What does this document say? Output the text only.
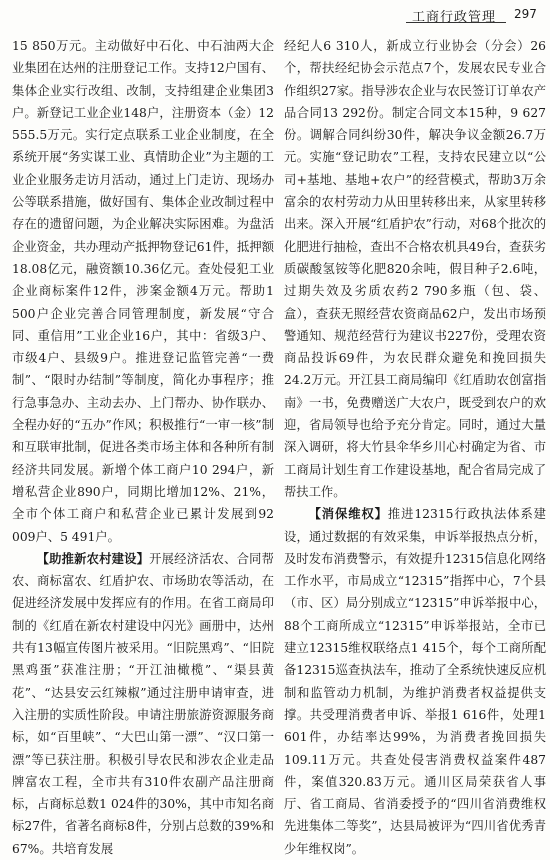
工商行政管理 297

15 850万元。主动做好中石化、中石油两大企业集团在达州的注册登记工作。支持12户国有、集体企业实行改组、改制，支持组建企业集团3户。新登记工业企业148户，注册资本（金）12 555.5万元。实行定点联系工业企业制度，在全系统开展“务实谋工业、真情助企业”为主题的工业企业服务走访月活动，通过上门走访、现场办公等联系措施，做好国有、集体企业改制过程中存在的遗留问题，为企业解决实际困难。为盘活企业资金，共办理动产抵押物登记61件，抵押额18.08亿元，融资额10.36亿元。查处侵犯工业企业商标案件12件，涉案金额4万元。帮助1 500户企业完善合同管理制度，新发展“守合同、重信用”工业企业16户，其中：省级3户、市级4户、县级9户。推进登记监管完善“一费制”、“限时办结制”等制度，简化办事程序；推行急事急办、主动去办、上门帮办、协作联办、全程办好的“五办”作风；积极推行“一审一核”制和互联审批制，促进各类市场主体和各种所有制经济共同发展。新增个体工商户10 294户，新增私营企业890户，同期比增加12%、21%，全市个体工商户和私营企业已累计发展到92 009户、5 491户。

【助推新农村建设】开展经济活农、合同帮农、商标富农、红盾护农、市场助农等活动，在促进经济发展中发挥应有的作用。在省工商局印制的《红盾在新农村建设中闪光》画册中，达州共有13幅宣传图片被采用。“旧院黑鸡”、“旧院黑鸡蛋”获准注册；“开江油橄榄”、“渠县黄花”、“达县安云红辣椒”通过注册申请审查，进入注册的实质性阶段。申请注册旅游资源服务商标，如“百里峡”、“大巴山第一漂”、“汉口第一漂”等已获注册。积极引导农民和涉农企业走品牌富农工程，全市共有310件农副产品注册商标，占商标总数1 024件的30%，其中市知名商标27件，省著名商标8件，分别占总数的39%和67%。共培育发展

经纪人6 310人，新成立行业协会（分会）26个，帮扶经纪协会示范点7个，发展农民专业合作组织27家。指导涉农企业与农民签订订单农产品合同13 292份。制定合同文本15种，9 627份。调解合同纠纷30件，解决争议金额26.7万元。实施“登记助农”工程，支持农民建立以“公司+基地、基地+农户”的经营模式，帮助3万余富余的农村劳动力从田里转移出来，从家里转移出来。深入开展“红盾护农”行动，对68个批次的化肥进行抽检，查出不合格农机具49台，查获劣质碳酸氢铵等化肥820余吨，假目种子2.6吨，过期失效及劣质农药2 790多瓶（包、袋、盒），查获无照经营农资商品62户，发出市场预警通知、规范经营行为建议书227份，受理农资商品投诉69件，为农民群众避免和挽回损失24.2万元。开江县工商局编印《红盾助农创富指南》一书，免费赠送广大农户，既受到农户的欢迎，省局领导也给予充分肯定。同时，通过大量深入调研，将大竹县伞华乡川心村确定为省、市工商局计划生育工作建设基地，配合省局完成了帮扶工作。

【消保维权】推进12315行政执法体系建设，通过数据的有效采集，申诉举报热点分析，及时发布消费警示，有效提升12315信息化网络工作水平，市局成立“12315”指挥中心，7个县（市、区）局分别成立“12315”申诉举报中心，88个工商所成立“12315”申诉举报站，全市已建立12315维权联络点1 415个，每个工商所配备12315巡查执法车，推动了全系统快速反应机制和监管动力机制，为维护消费者权益提供支撑。共受理消费者申诉、举报1 616件，处理1 601件，办结率达99%，为消费者挽回损失109.11万元。共查处侵害消费权益案件487件，案值320.83万元。通川区局荣获省人事厅、省工商局、省消委授予的“四川省消费维权先进集体二等奖”，达县局被评为“四川省优秀青少年维权岗”。
